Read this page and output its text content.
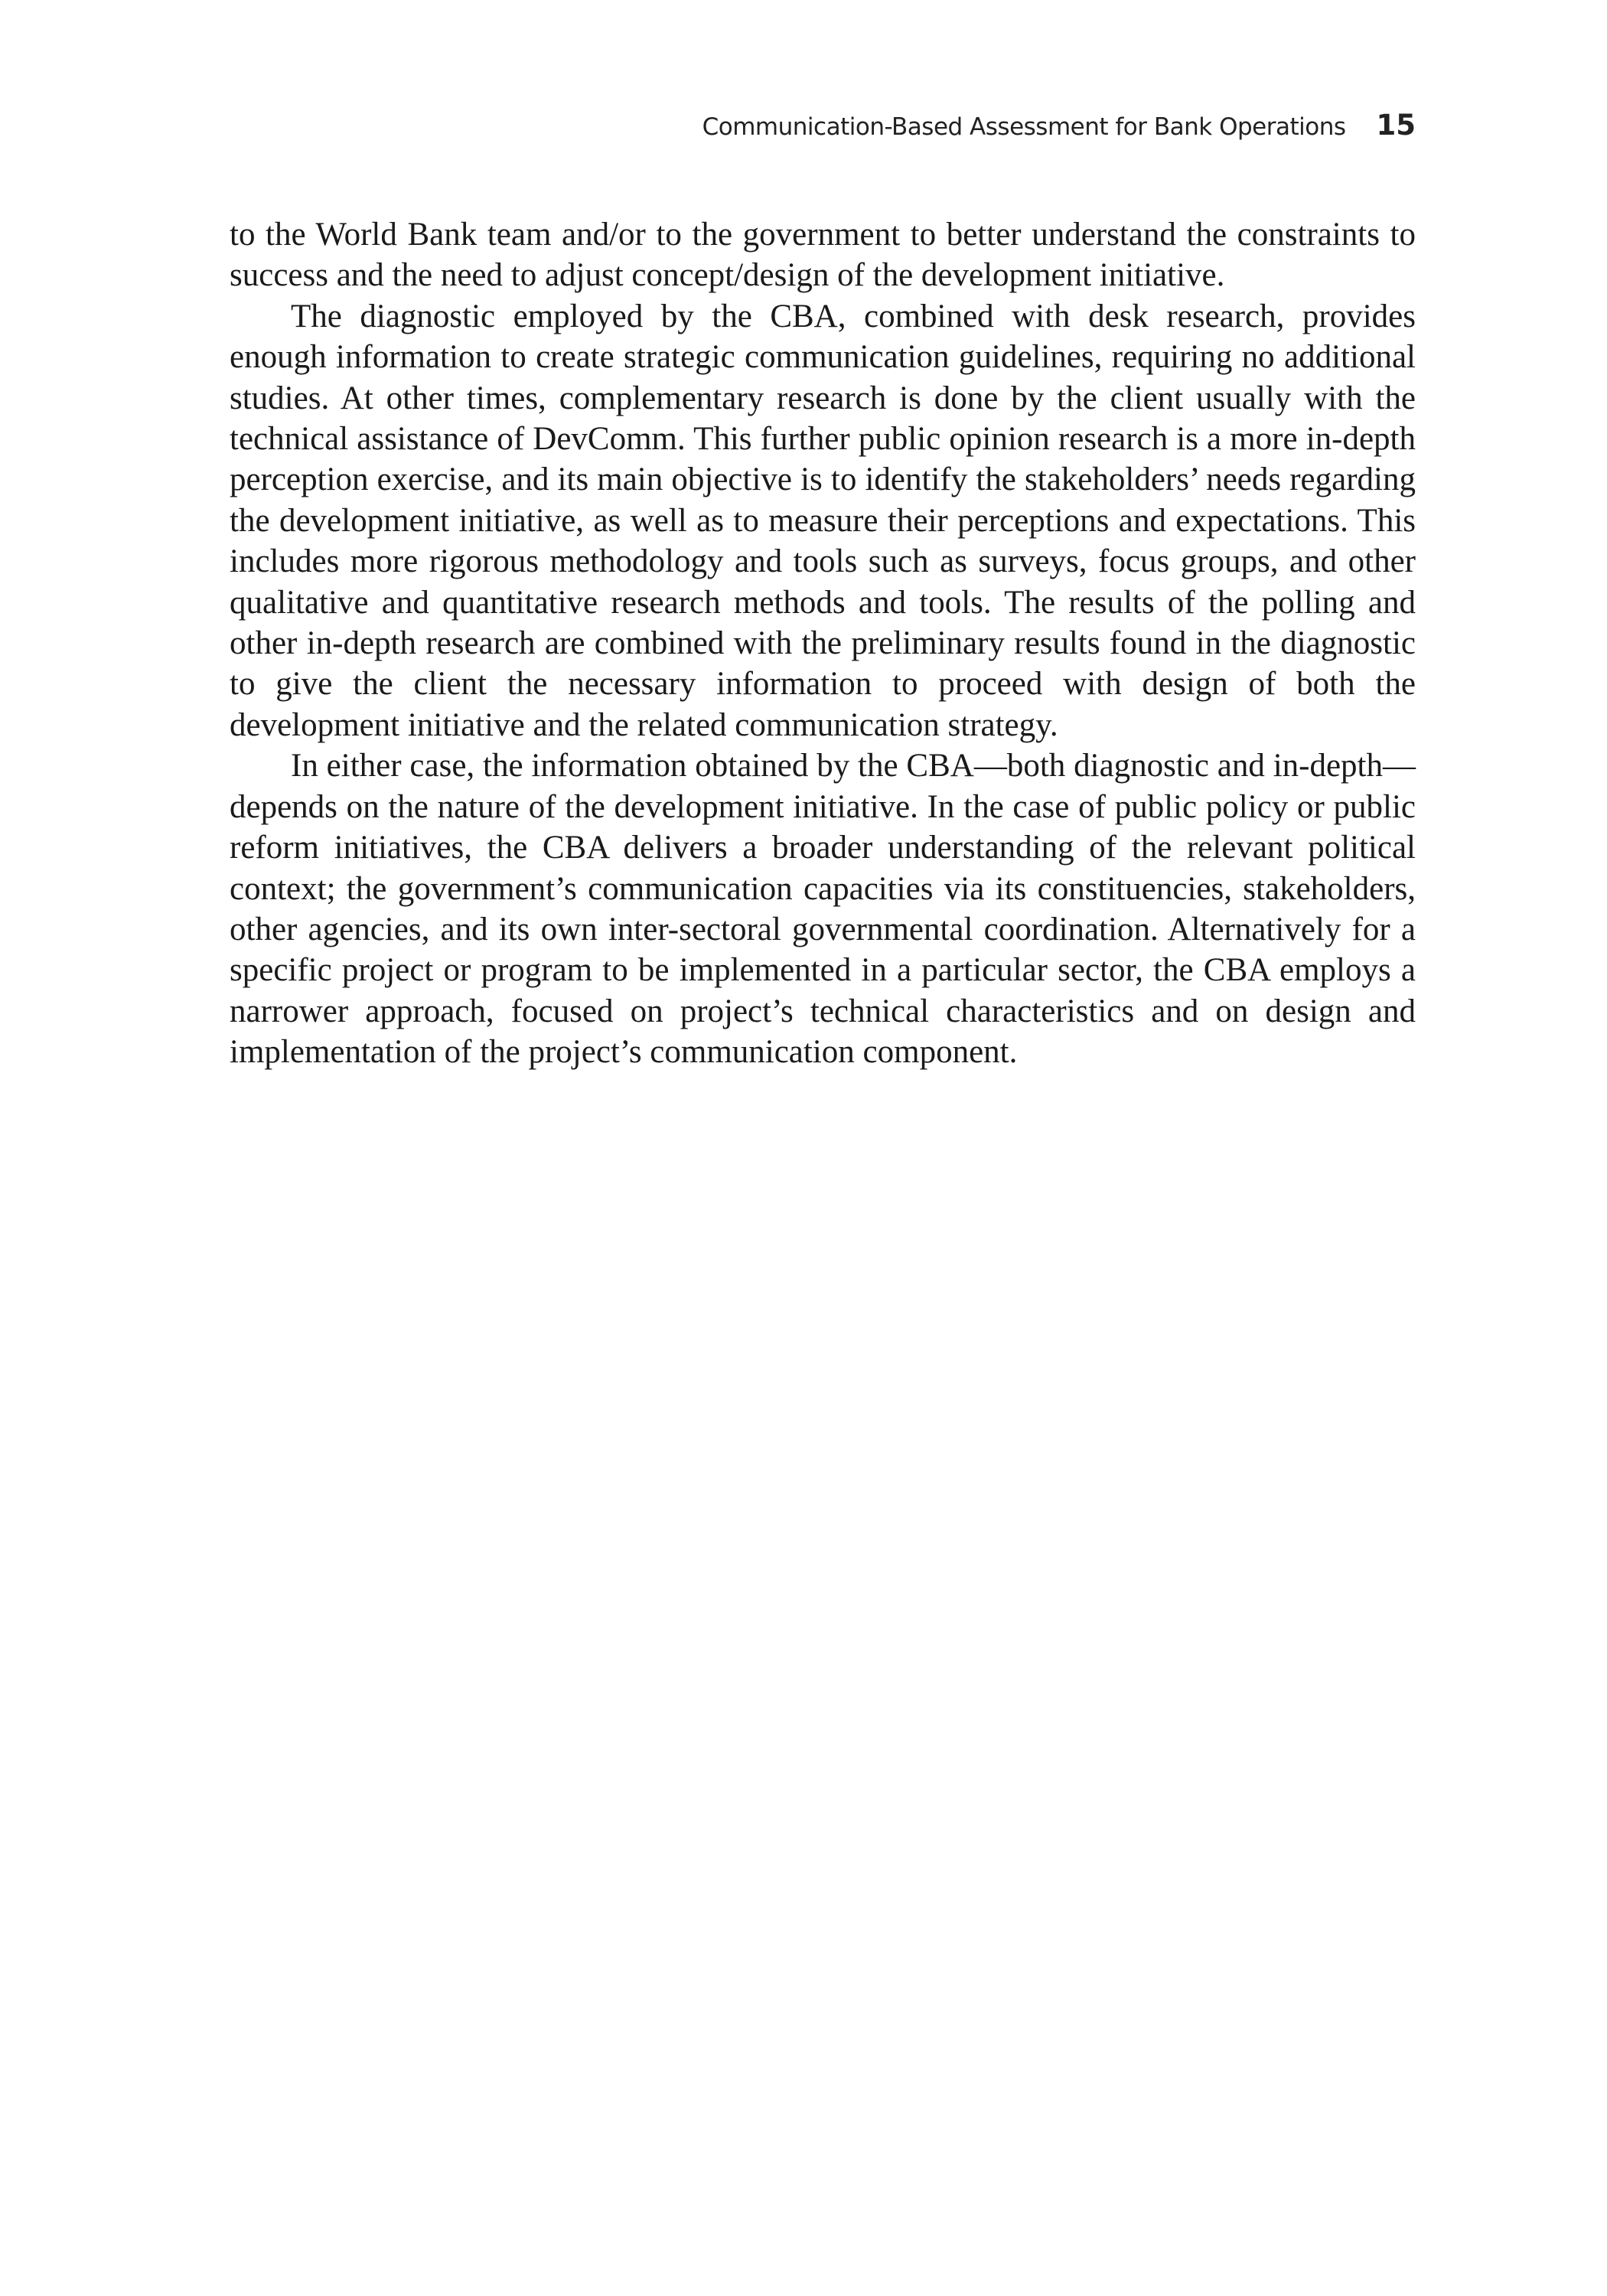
Communication-Based Assessment for Bank Operations 15

to the World Bank team and/or to the government to better understand the constraints to success and the need to adjust concept/design of the development initiative.

The diagnostic employed by the CBA, combined with desk research, provides enough information to create strategic communication guidelines, requiring no additional studies. At other times, complementary research is done by the client usually with the technical assistance of DevComm. This further public opinion research is a more in-depth perception exercise, and its main objective is to identify the stakeholders’ needs regarding the development initiative, as well as to measure their perceptions and expectations. This includes more rigorous methodology and tools such as surveys, focus groups, and other qualitative and quantitative research methods and tools. The results of the polling and other in-depth research are combined with the preliminary results found in the diagnostic to give the client the necessary information to proceed with design of both the development initiative and the related communication strategy.

In either case, the information obtained by the CBA—both diagnostic and in-depth—depends on the nature of the development initiative. In the case of public policy or public reform initiatives, the CBA delivers a broader understanding of the relevant political context; the government’s communication capacities via its constituencies, stakeholders, other agencies, and its own inter-sectoral governmental coordination. Alternatively for a specific project or program to be implemented in a particular sector, the CBA employs a narrower approach, focused on project’s technical characteristics and on design and implementation of the project’s communication component.
